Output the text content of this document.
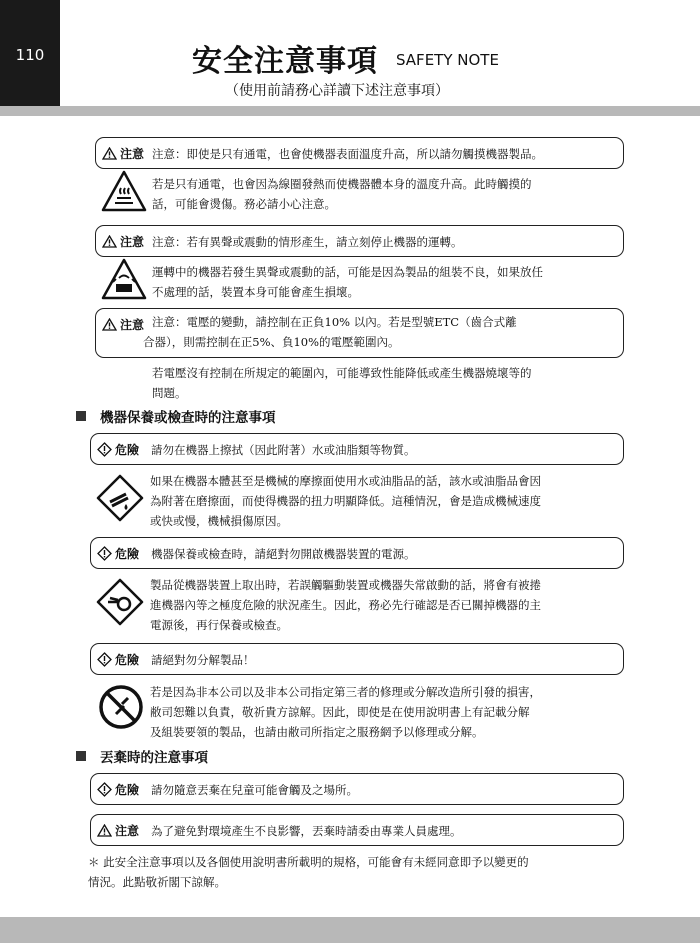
110	安全注意事項 SAFETY NOTE
（使用前請務心詳讀下述注意事項）
注意 注意：即使是只有通電，也會使機器表面溫度升高，所以請勿觸摸機器製品。
若是只有通電，也會因為線圈發熱而使機器體本身的溫度升高。此時觸摸的
話，可能會燙傷。務必請小心注意。
注意 注意：若有異聲或震動的情形產生，請立刻停止機器的運轉。
運轉中的機器若發生異聲或震動的話，可能是因為製品的組裝不良，如果放任
不處理的話，裝置本身可能會產生損壞。
注意 注意：電壓的變動，請控制在正負10% 以內。若是型號ETC（齒合式離
合器），則需控制在正5%、負10%的電壓範圍內。
若電壓沒有控制在所規定的範圍內，可能導致性能降低或產生機器燒壞等的
問題。
機器保養或檢查時的注意事項
危險 請勿在機器上擦拭（因此附著）水或油脂類等物質。
如果在機器本體甚至是機械的摩擦面使用水或油脂品的話，該水或油脂品會因
為附著在磨擦面，而使得機器的扭力明顯降低。這種情況，會是造成機械速度
或快或慢，機械損傷原因。
危險 機器保養或檢查時，請絕對勿開啟機器裝置的電源。
製品從機器裝置上取出時，若誤觸驅動裝置或機器失常啟動的話，將會有被捲
進機器內等之極度危險的狀況產生。因此，務必先行確認是否已關掉機器的主
電源後，再行保養或檢查。
危險 請絕對勿分解製品！
若是因為非本公司以及非本公司指定第三者的修理或分解改造所引發的損害，
敝司恕難以負責，敬祈貴方諒解。因此，即使是在使用說明書上有記載分解
及組裝要領的製品，也請由敝司所指定之服務網予以修理或分解。
丟棄時的注意事項
危險 請勿隨意丟棄在兒童可能會觸及之場所。
注意 為了避免對環境產生不良影響，丟棄時請委由專業人員處理。
＊ 此安全注意事項以及各個使用說明書所載明的規格，可能會有未經同意即予以變更的
情況。此點敬祈閣下諒解。
